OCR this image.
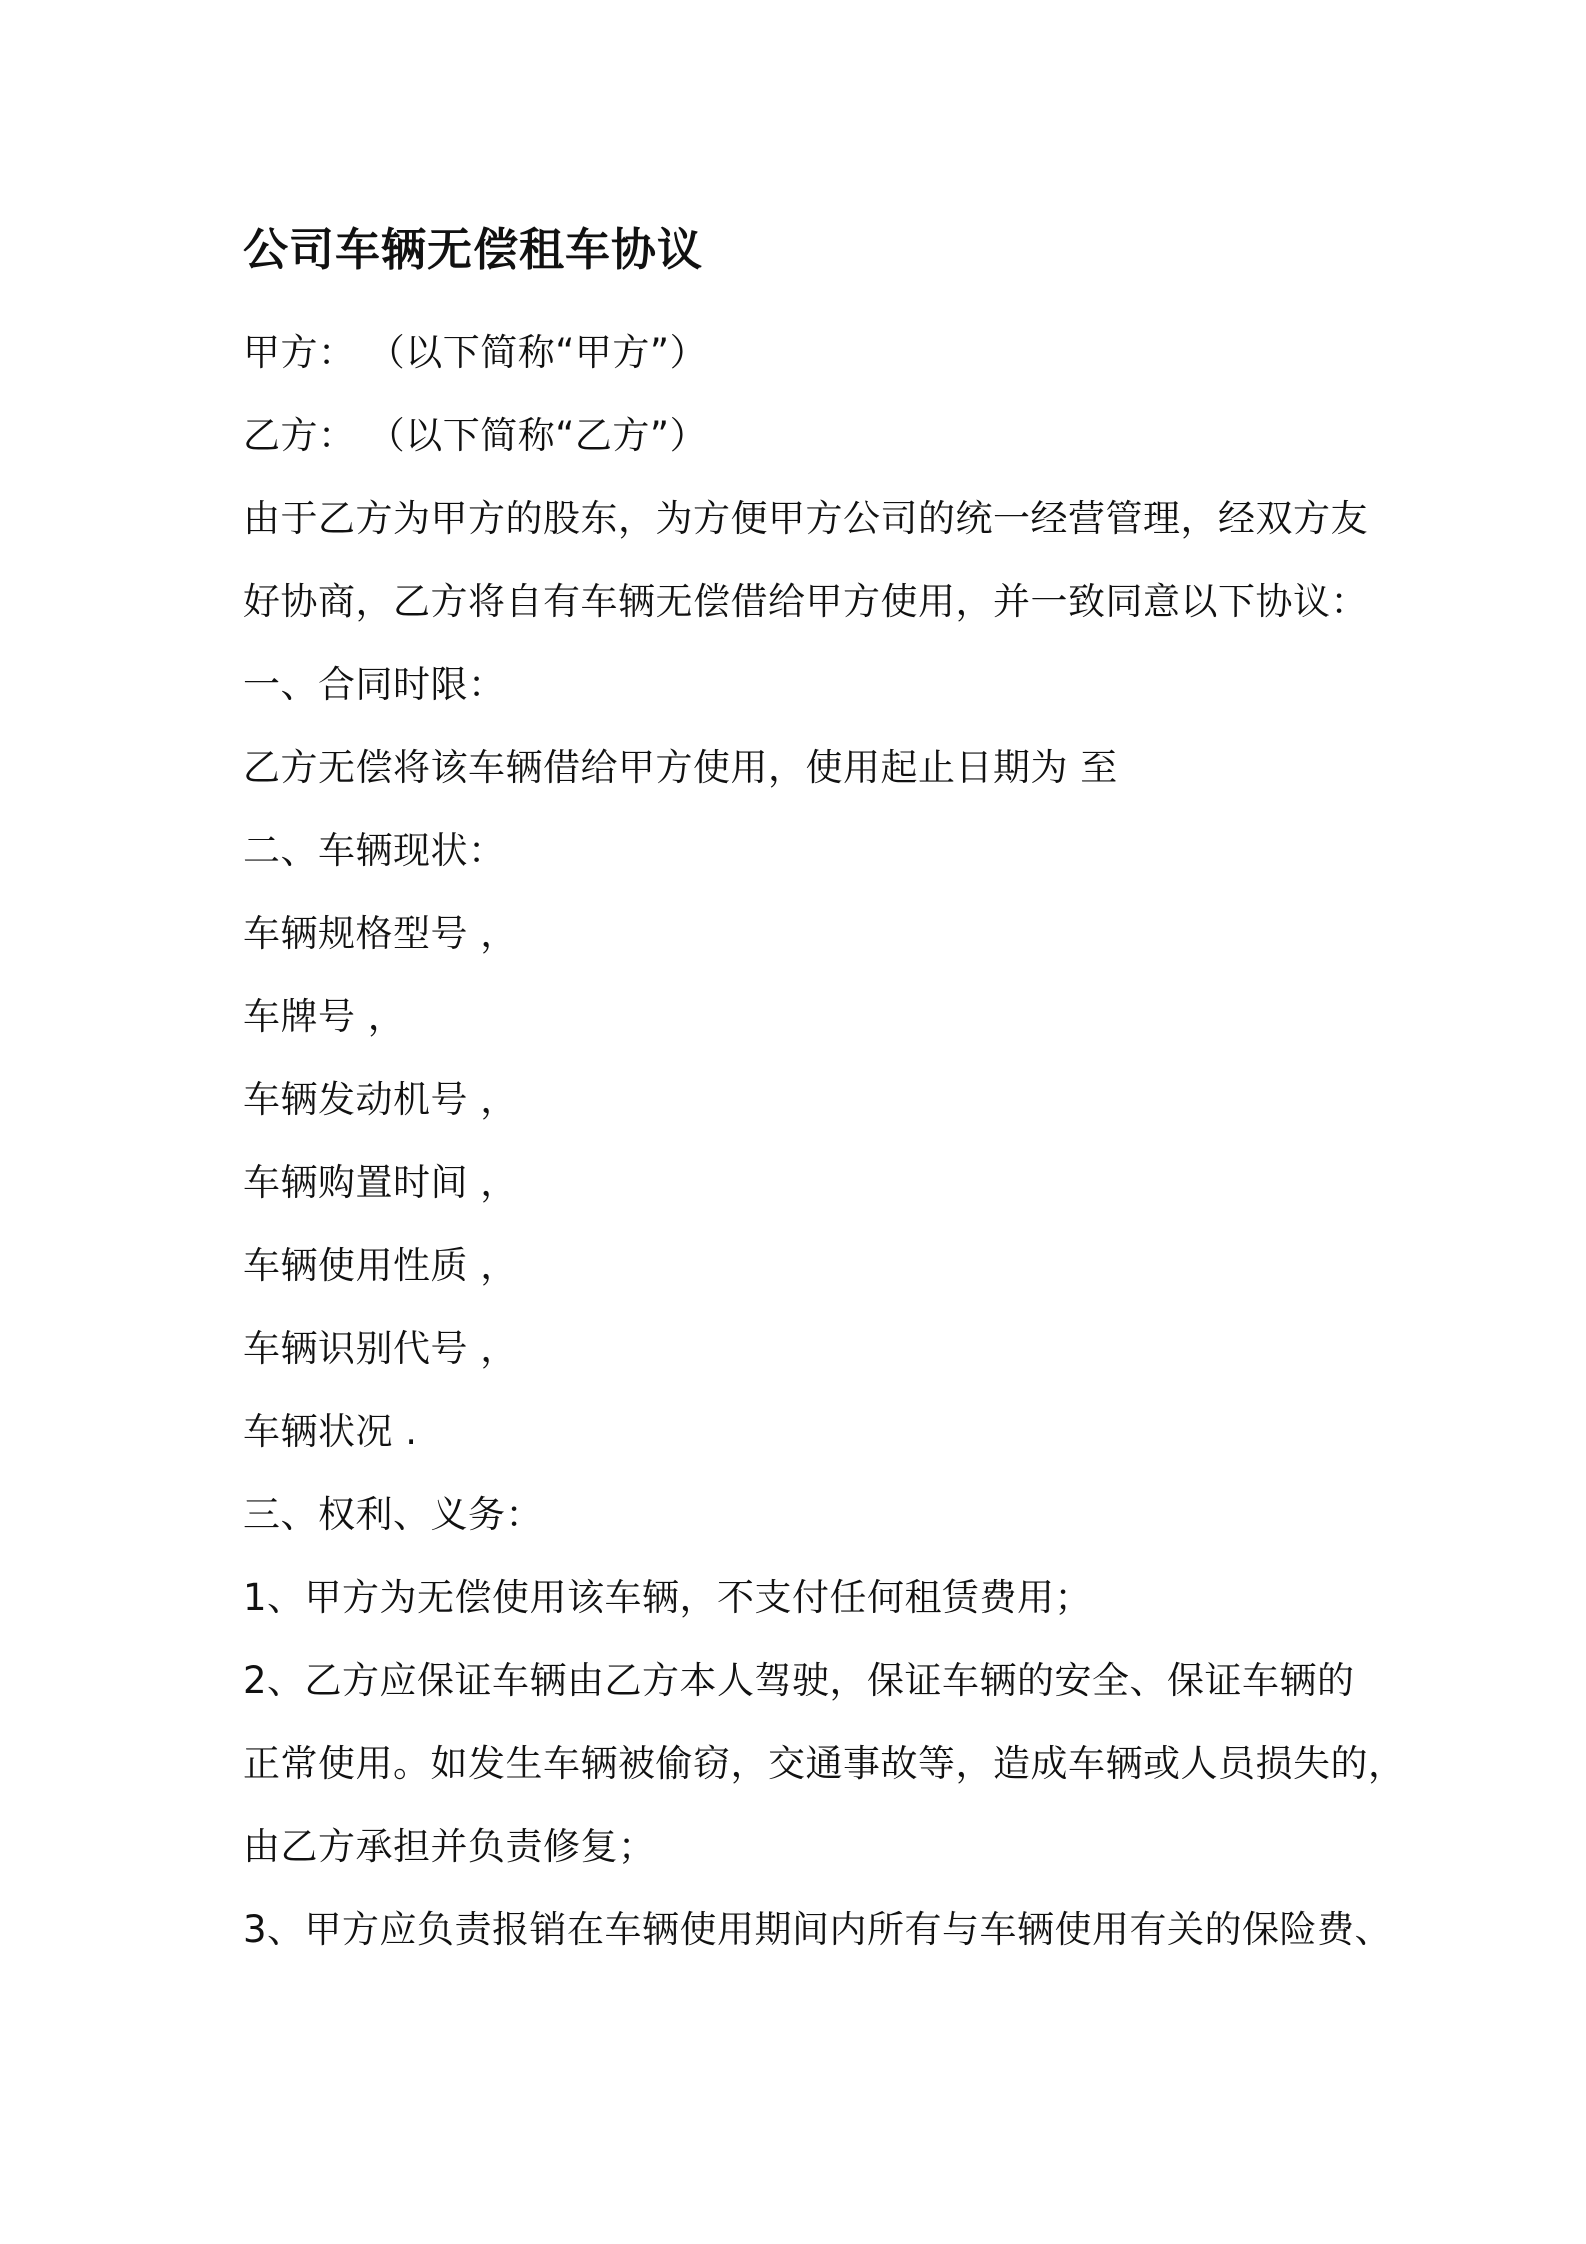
公司车辆无偿租车协议
甲方： （以下简称“甲方”）
乙方： （以下简称“乙方”）
由于乙方为甲方的股东，为方便甲方公司的统一经营管理，经双方友
好协商，乙方将自有车辆无偿借给甲方使用，并一致同意以下协议：
一、合同时限：
乙方无偿将该车辆借给甲方使用，使用起止日期为 至
二、车辆现状：
车辆规格型号 ，
车牌号 ，
车辆发动机号 ，
车辆购置时间 ，
车辆使用性质 ，
车辆识别代号 ，
车辆状况 .
三、权利、义务：
1、甲方为无偿使用该车辆，不支付任何租赁费用；
2、乙方应保证车辆由乙方本人驾驶，保证车辆的安全、保证车辆的
正常使用。如发生车辆被偷窃，交通事故等，造成车辆或人员损失的，
由乙方承担并负责修复；
3、甲方应负责报销在车辆使用期间内所有与车辆使用有关的保险费、
